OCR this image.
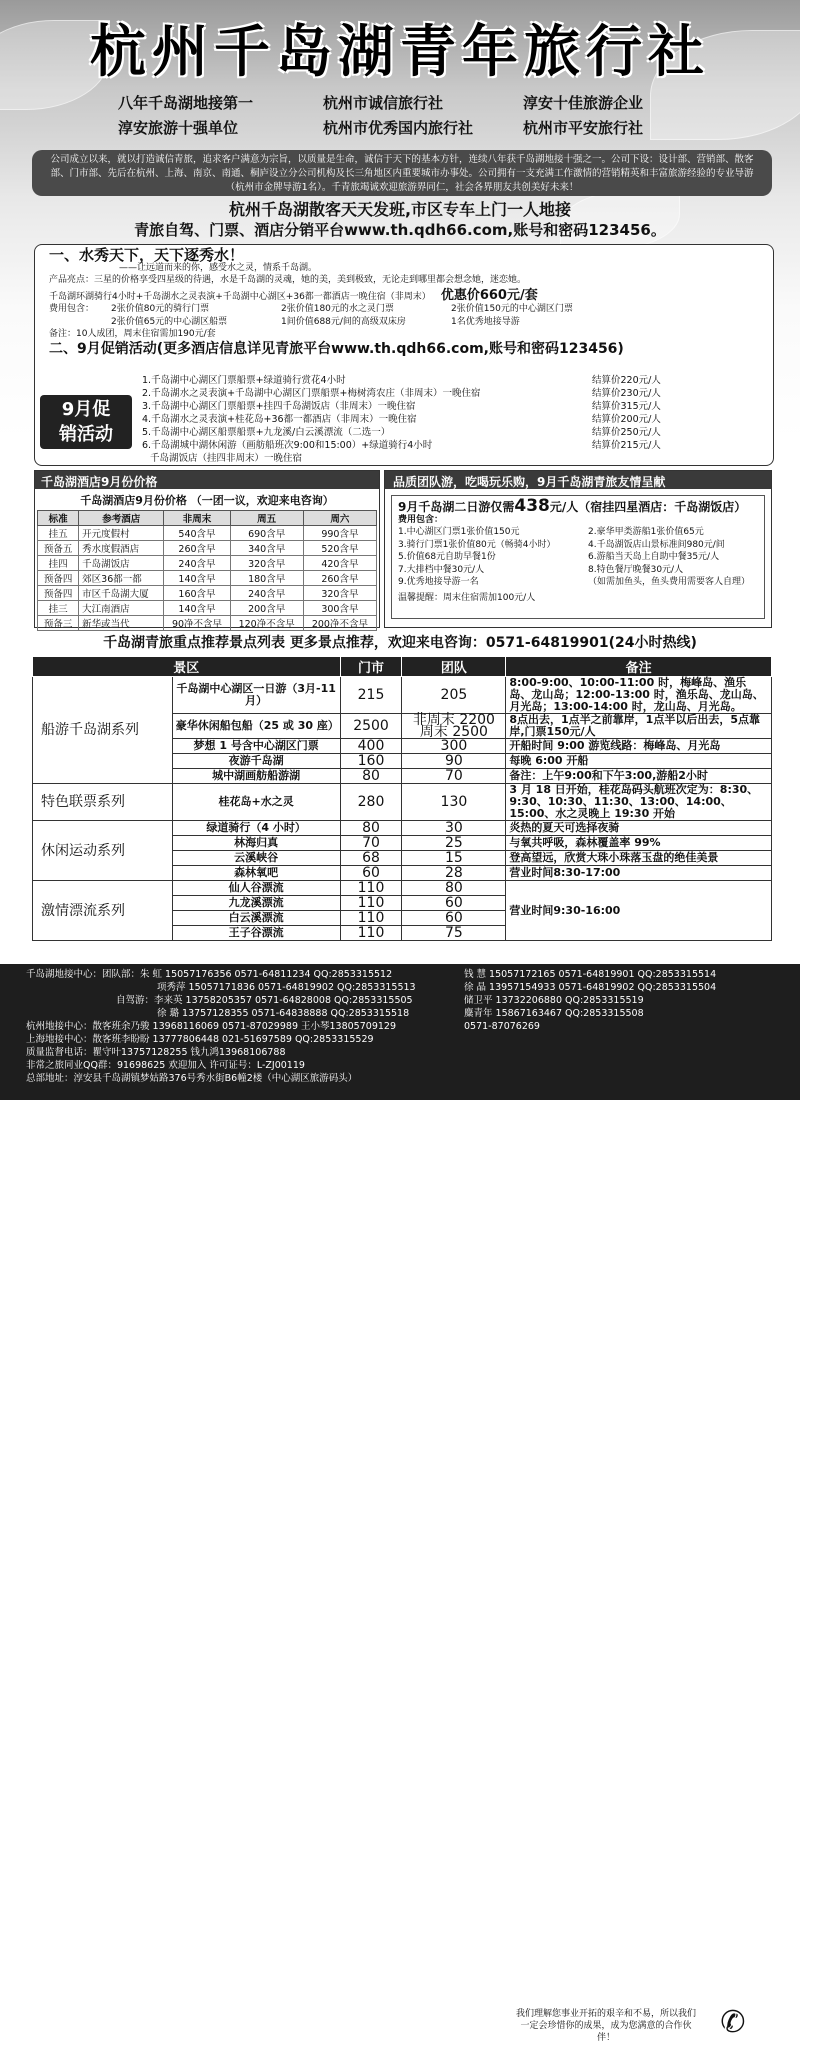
杭州千岛湖青年旅行社
八年千岛湖地接第一	杭州市诚信旅行社	淳安十佳旅游企业
淳安旅游十强单位	杭州市优秀国内旅行社	杭州市平安旅行社
公司成立以来，就以打造诚信青旅，追求客户满意为宗旨，以质量是生命，诚信于天下的基本方针，连续八年获千岛湖地接十强之一。公司下设：设计部、营销部、散客部、门市部、先后在杭州、上海、南京、南通、桐庐设立分公司机构及长三角地区内重要城市办事处。公司拥有一支充满工作激情的营销精英和丰富旅游经验的专业导游（杭州市金牌导游1名）。千青旅竭诚欢迎旅游界同仁，社会各界朋友共创美好未来！
杭州千岛湖散客天天发班,市区专车上门一人地接
青旅自驾、门票、酒店分销平台www.th.qdh66.com,账号和密码123456。
一、水秀天下，天下逐秀水！
——让远道而来的你，感受水之灵，情系千岛湖。
产品亮点：三星的价格享受四星级的待遇，水是千岛湖的灵魂，她的美，美到极致，无论走到哪里都会想念她，迷恋她。
千岛湖环湖骑行4小时+千岛湖水之灵表演+千岛湖中心湖区+36都一都酒店一晚住宿（非周末） 优惠价660元/套
费用包含：	2张价值80元的骑行门票	2张价值180元的水之灵门票	2张价值150元的中心湖区门票
2张价值65元的中心湖区船票	1间价值688元/间的高级双床房	1名优秀地接导游
备注：10人成团，周末住宿需加190元/套
二、9月促销活动(更多酒店信息详见青旅平台www.th.qdh66.com,账号和密码123456)
9月促
销活动
1.千岛湖中心湖区门票船票+绿道骑行赏花4小时	结算价220元/人
2.千岛湖水之灵表演+千岛湖中心湖区门票船票+梅树湾农庄（非周末）一晚住宿	结算价230元/人
3.千岛湖中心湖区门票船票+挂四千岛湖饭店（非周末）一晚住宿	结算价315元/人
4.千岛湖水之灵表演+桂花岛+36都一都酒店（非周末）一晚住宿	结算价200元/人
5.千岛湖中心湖区船票船票+九龙溪/白云溪漂流（二选一）	结算价250元/人
6.千岛湖城中湖休闲游（画舫船班次9:00和15:00）+绿道骑行4小时	结算价215元/人
千岛湖饭店（挂四非周末）一晚住宿
千岛湖酒店9月份价格
千岛湖酒店9月份价格 （一团一议，欢迎来电咨询）
标准	参考酒店	非周末	周五	周六
挂五	开元度假村	540含早	690含早	990含早
预备五	秀水度假酒店	260含早	340含早	520含早
挂四	千岛湖饭店	240含早	320含早	420含早
预备四	郊区36都一都	140含早	180含早	260含早
预备四	市区千岛湖大厦	160含早	240含早	320含早
挂三	大江南酒店	140含早	200含早	300含早
预备三	新华或当代	90净不含早	120净不含早	200净不含早
品质团队游，吃喝玩乐购，9月千岛湖青旅友情呈献
9月千岛湖二日游仅需438元/人（宿挂四星酒店：千岛湖饭店）
费用包含：
1.中心湖区门票1张价值150元	2.豪华甲类游船1张价值65元
3.骑行门票1张价值80元（畅骑4小时）	4.千岛湖饭店山景标准间980元/间
5.价值68元自助早餐1份	6.游船当天岛上自助中餐35元/人
7.大排档中餐30元/人	8.特色餐厅晚餐30元/人
9.优秀地接导游一名	（如需加鱼头，鱼头费用需要客人自理）
温馨提醒：周末住宿需加100元/人
千岛湖青旅重点推荐景点列表 更多景点推荐，欢迎来电咨询：0571-64819901(24小时热线)
景区		门市	团队	备注
船游千岛湖系列	千岛湖中心湖区一日游（3月-11月）	215	205	8:00-9:00、10:00-11:00 时，梅峰岛、渔乐岛、龙山岛；12:00-13:00 时，渔乐岛、龙山岛、月光岛；13:00-14:00 时，龙山岛、月光岛。
	豪华休闲船包船（25 或 30 座）	2500	非周末 2200 周末 2500	8点出去，1点半之前靠岸，1点半以后出去，5点靠岸,门票150元/人
	梦想 1 号含中心湖区门票	400	300	开船时间 9:00 游览线路：梅峰岛、月光岛
	夜游千岛湖	160	90	每晚 6:00 开船
	城中湖画舫船游湖	80	70	备注：上午9:00和下午3:00,游船2小时
特色联票系列	桂花岛+水之灵	280	130	3 月 18 日开始，桂花岛码头航班次定为：8:30、9:30、10:30、11:30、13:00、14:00、15:00、水之灵晚上 19:30 开始
休闲运动系列	绿道骑行（4 小时）	80	30	炎热的夏天可选择夜骑
	林海归真	70	25	与氧共呼吸，森林覆盖率 99%
	云溪峡谷	68	15	登高望远，欣赏大珠小珠落玉盘的绝佳美景
	森林氧吧	60	28	营业时间8:30-17:00
激情漂流系列	仙人谷漂流	110	80	营业时间9:30-16:00
	九龙溪漂流	110	60	
	白云溪漂流	110	60	
	王子谷漂流	110	75	
千岛湖地接中心：团队部：朱 虹 15057176356 0571-64811234 QQ:2853315512	钱 慧 15057172165 0571-64819901 QQ:2853315514
项秀萍 15057171836 0571-64819902 QQ:2853315513	徐 晶 13957154933 0571-64819902 QQ:2853315504
自驾游：李来英 13758205357 0571-64828008 QQ:2853315505	储卫平 13732206880 QQ:2853315519
徐 璐 13757128355 0571-64838888 QQ:2853315518	麋青年 15867163467 QQ:2853315508
杭州地接中心：散客班余乃骏 13968116069 0571-87029989 王小琴13805709129	0571-87076269
上海地接中心：散客班李盼盼 13777806448 021-51697589 QQ:2853315529
质量监督电话：瞿守叶13757128255 钱九鸿13968106788
非常之旅同业QQ群：91698625 欢迎加入 许可证号：L-ZJ00119
总部地址：淳安县千岛湖镇梦姑路376号秀水街B6幢2楼（中心湖区旅游码头）
我们理解您事业开拓的艰辛和不易，所以我们一定会珍惜你的成果，成为您满意的合作伙伴！	✆
